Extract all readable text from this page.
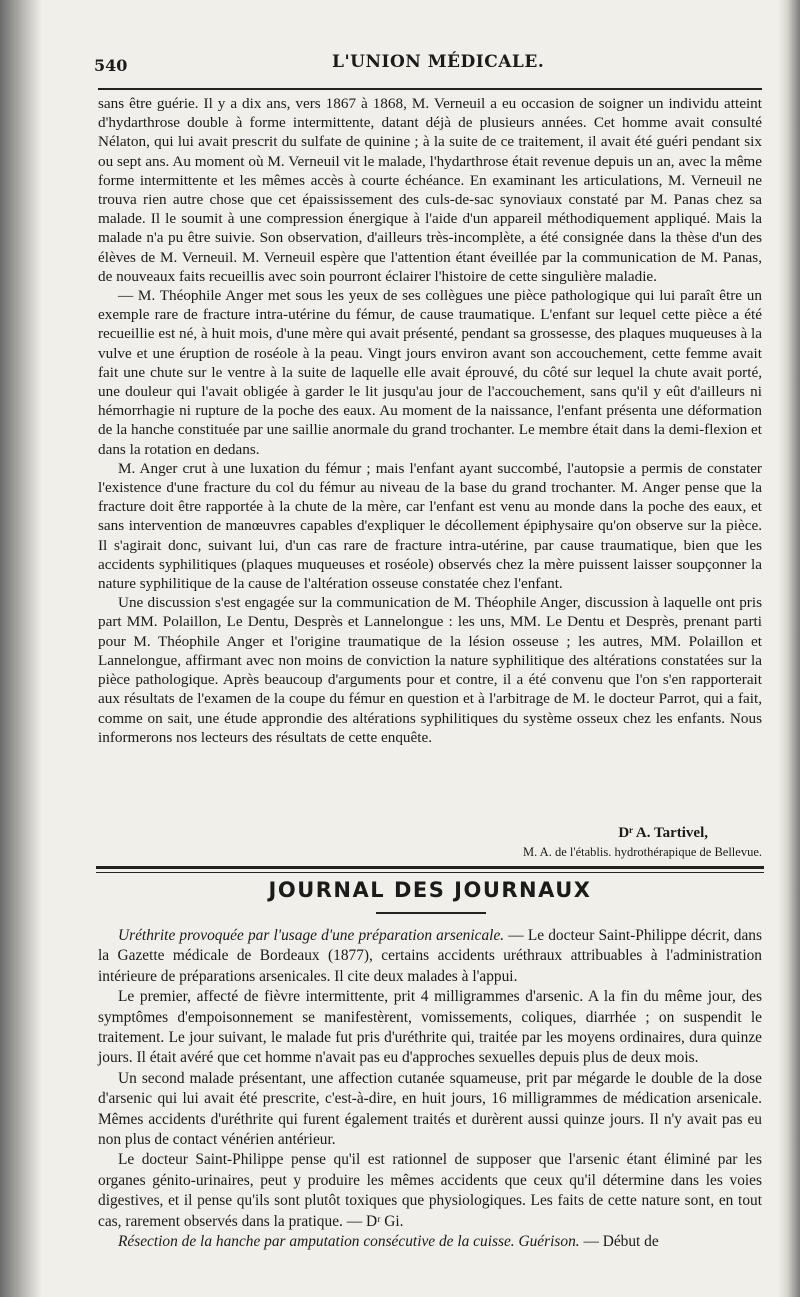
540	L'UNION MÉDICALE.

sans être guérie. Il y a dix ans, vers 1867 à 1868, M. Verneuil a eu occasion de soigner un individu atteint d'hydarthrose double à forme intermittente, datant déjà de plusieurs années. Cet homme avait consulté Nélaton, qui lui avait prescrit du sulfate de quinine ; à la suite de ce traitement, il avait été guéri pendant six ou sept ans. Au moment où M. Verneuil vit le malade, l'hydarthrose était revenue depuis un an, avec la même forme intermittente et les mêmes accès à courte échéance. En examinant les articulations, M. Verneuil ne trouva rien autre chose que cet épaississement des culs-de-sac synoviaux constaté par M. Panas chez sa malade. Il le soumit à une compression énergique à l'aide d'un appareil méthodiquement appliqué. Mais la malade n'a pu être suivie. Son observation, d'ailleurs très-incomplète, a été consignée dans la thèse d'un des élèves de M. Verneuil. M. Verneuil espère que l'attention étant éveillée par la communication de M. Panas, de nouveaux faits recueillis avec soin pourront éclairer l'histoire de cette singulière maladie.

— M. Théophile Anger met sous les yeux de ses collègues une pièce pathologique qui lui paraît être un exemple rare de fracture intra-utérine du fémur, de cause traumatique. L'enfant sur lequel cette pièce a été recueillie est né, à huit mois, d'une mère qui avait présenté, pendant sa grossesse, des plaques muqueuses à la vulve et une éruption de roséole à la peau. Vingt jours environ avant son accouchement, cette femme avait fait une chute sur le ventre à la suite de laquelle elle avait éprouvé, du côté sur lequel la chute avait porté, une douleur qui l'avait obligée à garder le lit jusqu'au jour de l'accouchement, sans qu'il y eût d'ailleurs ni hémorrhagie ni rupture de la poche des eaux. Au moment de la naissance, l'enfant présenta une déformation de la hanche constituée par une saillie anormale du grand trochanter. Le membre était dans la demi-flexion et dans la rotation en dedans.

M. Anger crut à une luxation du fémur ; mais l'enfant ayant succombé, l'autopsie a permis de constater l'existence d'une fracture du col du fémur au niveau de la base du grand trochanter. M. Anger pense que la fracture doit être rapportée à la chute de la mère, car l'enfant est venu au monde dans la poche des eaux, et sans intervention de manœuvres capables d'expliquer le décollement épiphysaire qu'on observe sur la pièce. Il s'agirait donc, suivant lui, d'un cas rare de fracture intra-utérine, par cause traumatique, bien que les accidents syphilitiques (plaques muqueuses et roséole) observés chez la mère puissent laisser soupçonner la nature syphilitique de la cause de l'altération osseuse constatée chez l'enfant.

Une discussion s'est engagée sur la communication de M. Théophile Anger, discussion à laquelle ont pris part MM. Polaillon, Le Dentu, Desprès et Lannelongue : les uns, MM. Le Dentu et Desprès, prenant parti pour M. Théophile Anger et l'origine traumatique de la lésion osseuse ; les autres, MM. Polaillon et Lannelongue, affirmant avec non moins de conviction la nature syphilitique des altérations constatées sur la pièce pathologique. Après beaucoup d'arguments pour et contre, il a été convenu que l'on s'en rapporterait aux résultats de l'examen de la coupe du fémur en question et à l'arbitrage de M. le docteur Parrot, qui a fait, comme on sait, une étude approndie des altérations syphilitiques du système osseux chez les enfants. Nous informerons nos lecteurs des résultats de cette enquête.

Dʳ A. Tartivel,
M. A. de l'établis. hydrothérapique de Bellevue.
JOURNAL DES JOURNAUX

Uréthrite provoquée par l'usage d'une préparation arsenicale. — Le docteur Saint-Philippe décrit, dans la Gazette médicale de Bordeaux (1877), certains accidents uréthraux attribuables à l'administration intérieure de préparations arsenicales. Il cite deux malades à l'appui.

Le premier, affecté de fièvre intermittente, prit 4 milligrammes d'arsenic. A la fin du même jour, des symptômes d'empoisonnement se manifestèrent, vomissements, coliques, diarrhée ; on suspendit le traitement. Le jour suivant, le malade fut pris d'uréthrite qui, traitée par les moyens ordinaires, dura quinze jours. Il était avéré que cet homme n'avait pas eu d'approches sexuelles depuis plus de deux mois.

Un second malade présentant, une affection cutanée squameuse, prit par mégarde le double de la dose d'arsenic qui lui avait été prescrite, c'est-à-dire, en huit jours, 16 milligrammes de médication arsenicale. Mêmes accidents d'uréthrite qui furent également traités et durèrent aussi quinze jours. Il n'y avait pas eu non plus de contact vénérien antérieur.

Le docteur Saint-Philippe pense qu'il est rationnel de supposer que l'arsenic étant éliminé par les organes génito-urinaires, peut y produire les mêmes accidents que ceux qu'il détermine dans les voies digestives, et il pense qu'ils sont plutôt toxiques que physiologiques. Les faits de cette nature sont, en tout cas, rarement observés dans la pratique. — Dʳ Gi.

Résection de la hanche par amputation consécutive de la cuisse. Guérison. — Début de
